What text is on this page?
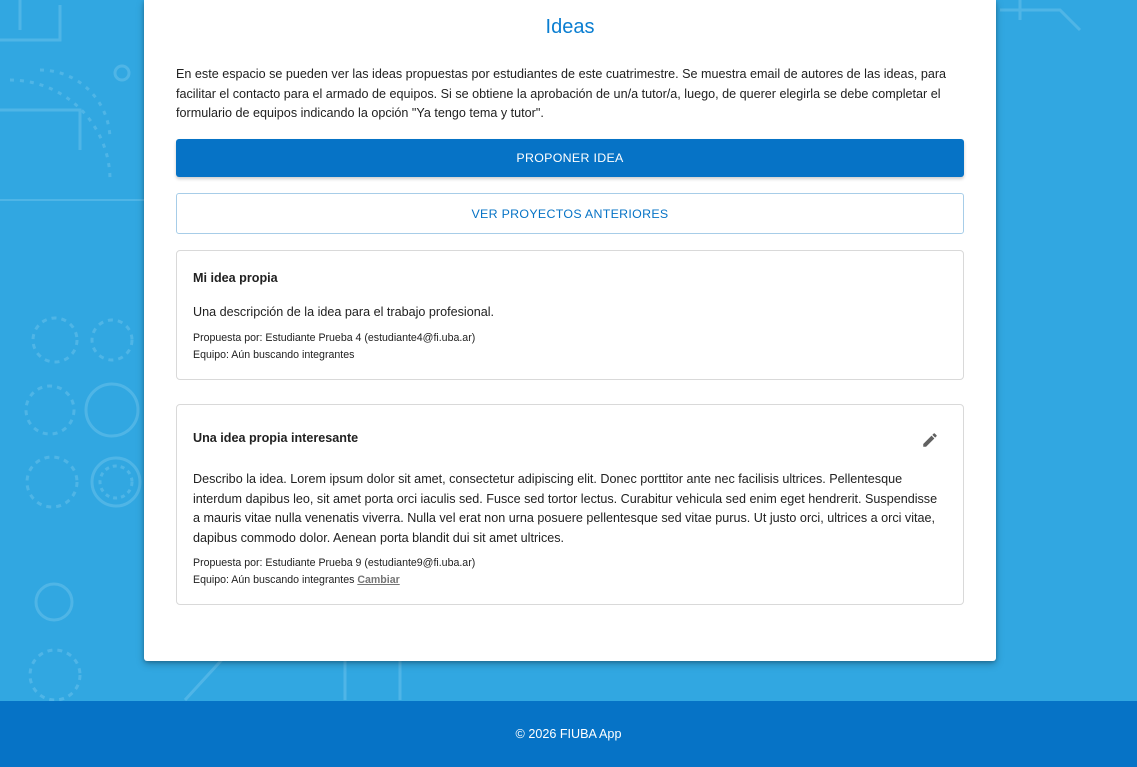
Ideas

En este espacio se pueden ver las ideas propuestas por estudiantes de este cuatrimestre. Se muestra email de autores de las ideas, para facilitar el contacto para el armado de equipos. Si se obtiene la aprobación de un/a tutor/a, luego, de querer elegirla se debe completar el formulario de equipos indicando la opción "Ya tengo tema y tutor".

PROPONER IDEA
VER PROYECTOS ANTERIORES
Mi idea propia
Una descripción de la idea para el trabajo profesional.
Propuesta por: Estudiante Prueba 4 (estudiante4@fi.uba.ar)
Equipo: Aún buscando integrantes
Una idea propia interesante
Describo la idea. Lorem ipsum dolor sit amet, consectetur adipiscing elit. Donec porttitor ante nec facilisis ultrices. Pellentesque interdum dapibus leo, sit amet porta orci iaculis sed. Fusce sed tortor lectus. Curabitur vehicula sed enim eget hendrerit. Suspendisse a mauris vitae nulla venenatis viverra. Nulla vel erat non urna posuere pellentesque sed vitae purus. Ut justo orci, ultrices a orci vitae, dapibus commodo dolor. Aenean porta blandit dui sit amet ultrices.
Propuesta por: Estudiante Prueba 9 (estudiante9@fi.uba.ar)
Equipo: Aún buscando integrantes Cambiar
© 2026 FIUBA App
